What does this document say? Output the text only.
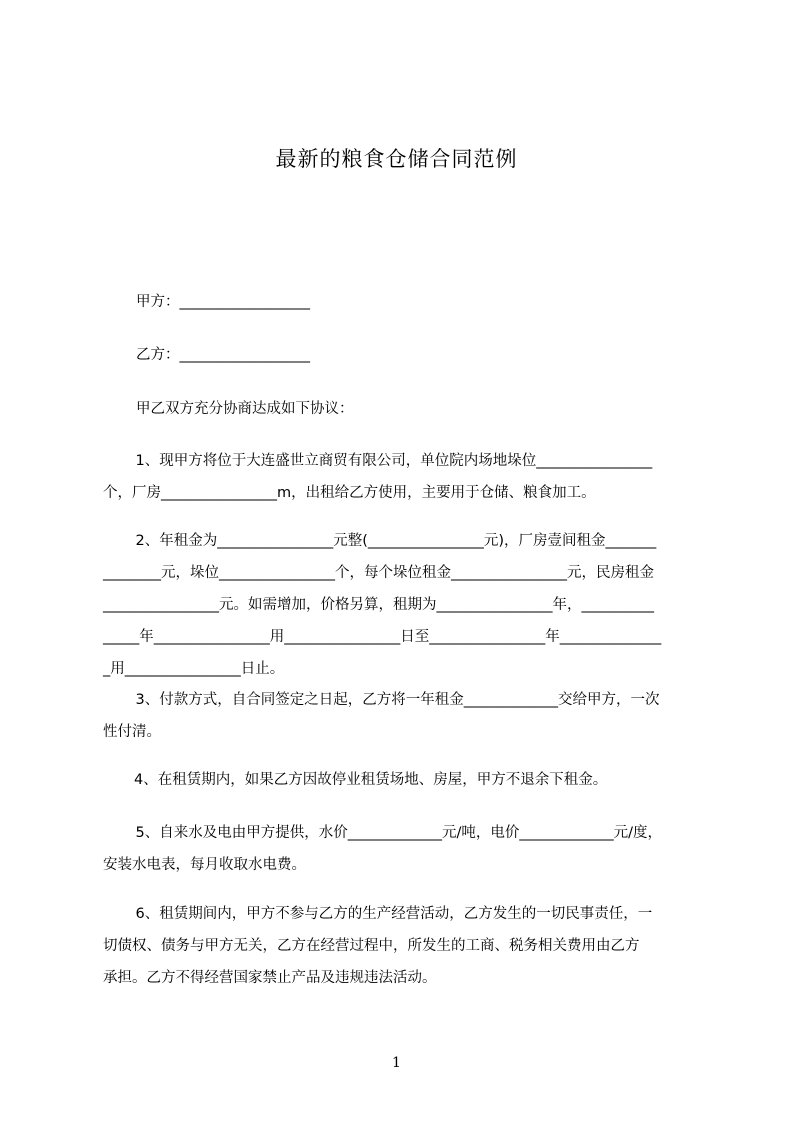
最新的粮食仓储合同范例
甲方：__________________
乙方：__________________
甲乙双方充分协商达成如下协议：
　1、现甲方将位于大连盛世立商贸有限公司，单位院内场地垛位________________
个，厂房________________m，出租给乙方使用，主要用于仓储、粮食加工。
　2、年租金为________________元整(________________元)，厂房壹间租金_______
________元，垛位________________个，每个垛位租金________________元，民房租金
________________元。如需增加，价格另算，租期为________________年，__________
_____年________________用________________日至________________年______________
_用________________日止。
　3、付款方式，自合同签定之日起，乙方将一年租金_____________交给甲方，一次
性付清。
4、在租赁期内，如果乙方因故停业租赁场地、房屋，甲方不退余下租金。
　5、自来水及电由甲方提供，水价_____________元/吨，电价_____________元/度，
安装水电表，每月收取水电费。
　6、租赁期间内，甲方不参与乙方的生产经营活动，乙方发生的一切民事责任，一
切债权、债务与甲方无关，乙方在经营过程中，所发生的工商、税务相关费用由乙方
承担。乙方不得经营国家禁止产品及违规违法活动。
1
